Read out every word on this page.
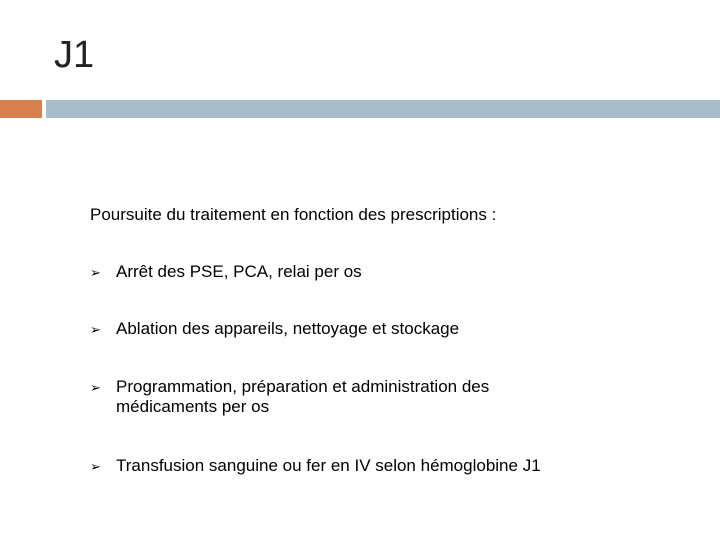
J1
Poursuite du traitement en fonction des prescriptions :
➢ Arrêt des PSE, PCA, relai per os
➢ Ablation des appareils, nettoyage et stockage
➢ Programmation, préparation et administration des médicaments per os
➢ Transfusion sanguine ou fer en IV selon hémoglobine J1
